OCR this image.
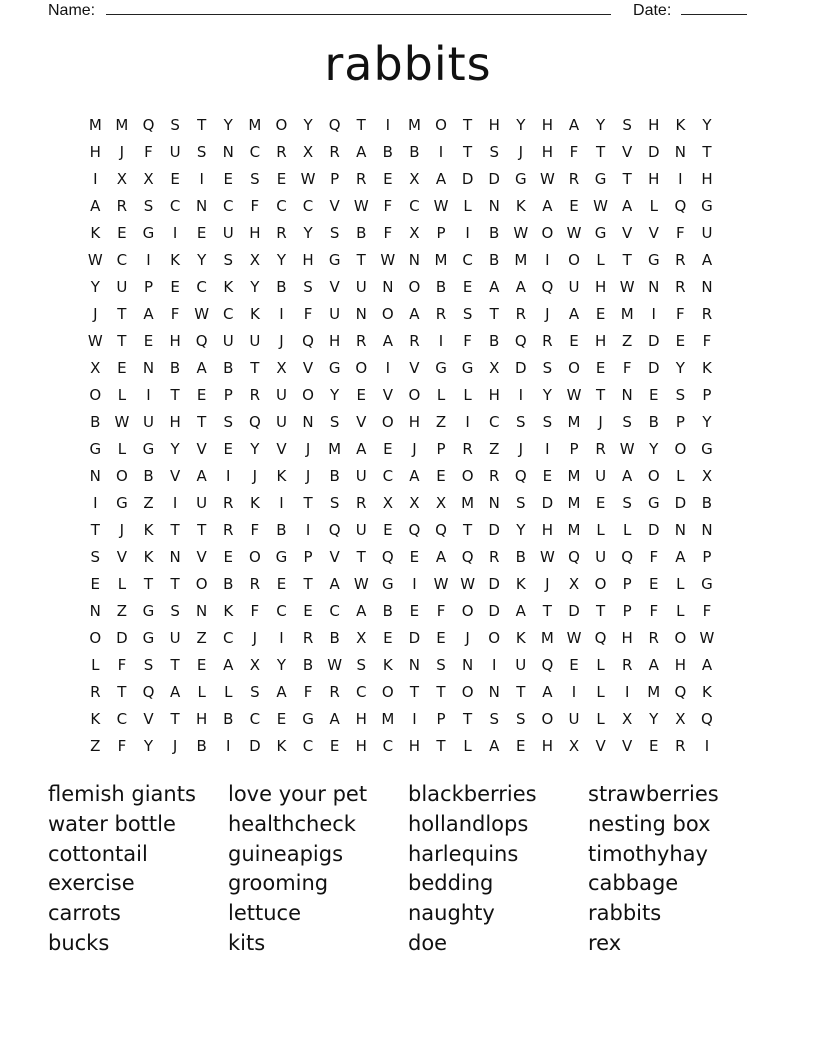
Name:	Date:
rabbits
M M Q	S	T	Y	M O	Y	Q	T	I	M O	T	H	Y	H	A	Y	S	H	K	Y
H	J	F	U	S	N	C	R	X	R	A	B	B	I	T	S	J	H	F	T	V	D	N	T
I	X	X	E	I	E	S	E W P	R	E	X	A	D	D	G W R	G	T	H	I	H
A	R	S	C	N	C	F	C	C	V W F	C W L	N	K	A	E W A	L	Q G
K	E	G	I	E	U	H	R	Y	S	B	F	X	P	I	B W O W G	V	V	F	U
W C	I	K	Y	S	X	Y	H	G	T W N M C	B M	I	O	L	T	G	R	A
Y	U	P	E	C	K	Y	B	S	V	U	N	O	B	E	A	A	Q	U	H W N	R	N
J	T	A	F W C	K	I	F	U	N	O	A	R	S	T	R	J	A	E	M	I	F	R
W T	E	H	Q	U	U	J	Q	H	R	A	R	I	F	B	Q	R	E	H	Z	D	E	F
X	E	N	B	A	B	T	X	V	G O	I	V	G G	X	D	S	O	E	F	D	Y	K
O	L	I	T	E	P	R	U	O	Y	E	V	O	L	L	H	I	Y W T	N	E	S	P
B W U	H	T	S	Q	U	N	S	V	O	H	Z	I	C	S	S	M	J	S	B	P	Y
G	L	G	Y	V	E	Y	V	J	M A	E	J	P	R	Z	J	I	P	R W Y	O G
N	O	B	V	A	I	J	K	J	B	U	C	A	E	O	R	Q	E	M U	A	O	L	X
I	G	Z	I	U	R	K	I	T	S	R	X	X	X M N	S	D M	E	S	G	D	B
T	J	K	T	T	R	F	B	I	Q	U	E	Q Q	T	D	Y	H M	L	L	D	N	N
S	V	K	N	V	E	O G	P	V	T	Q	E	A	Q	R	B W Q	U	Q	F	A	P
E	L	T	T	O	B	R	E	T	A W G	I	W W D	K	J	X	O	P	E	L	G
N	Z	G	S	N	K	F	C	E	C	A	B	E	F	O D	A	T	D	T	P	F	L	F
O D	G	U	Z	C	J	I	R	B	X	E	D	E	J	O	K	M W Q	H	R	O W
L	F	S	T	E	A	X	Y	B W S	K	N	S	N	I	U	Q	E	L	R	A	H	A
R	T	Q	A	L	L	S	A	F	R	C	O	T	T	O	N	T	A	I	L	I	M Q	K
K	C	V	T	H	B	C	E	G	A	H M	I	P	T	S	S	O	U	L	X	Y	X	Q
Z	F	Y	J	B	I	D	K	C	E	H	C	H	T	L	A	E	H	X	V	V	E	R	I
flemish giants	love your pet	blackberries	strawberries
water bottle	healthcheck	hollandlops	nesting box
cottontail	guineapigs	harlequins	timothyhay
exercise	grooming	bedding	cabbage
carrots	lettuce	naughty	rabbits
bucks	kits	doe	rex
